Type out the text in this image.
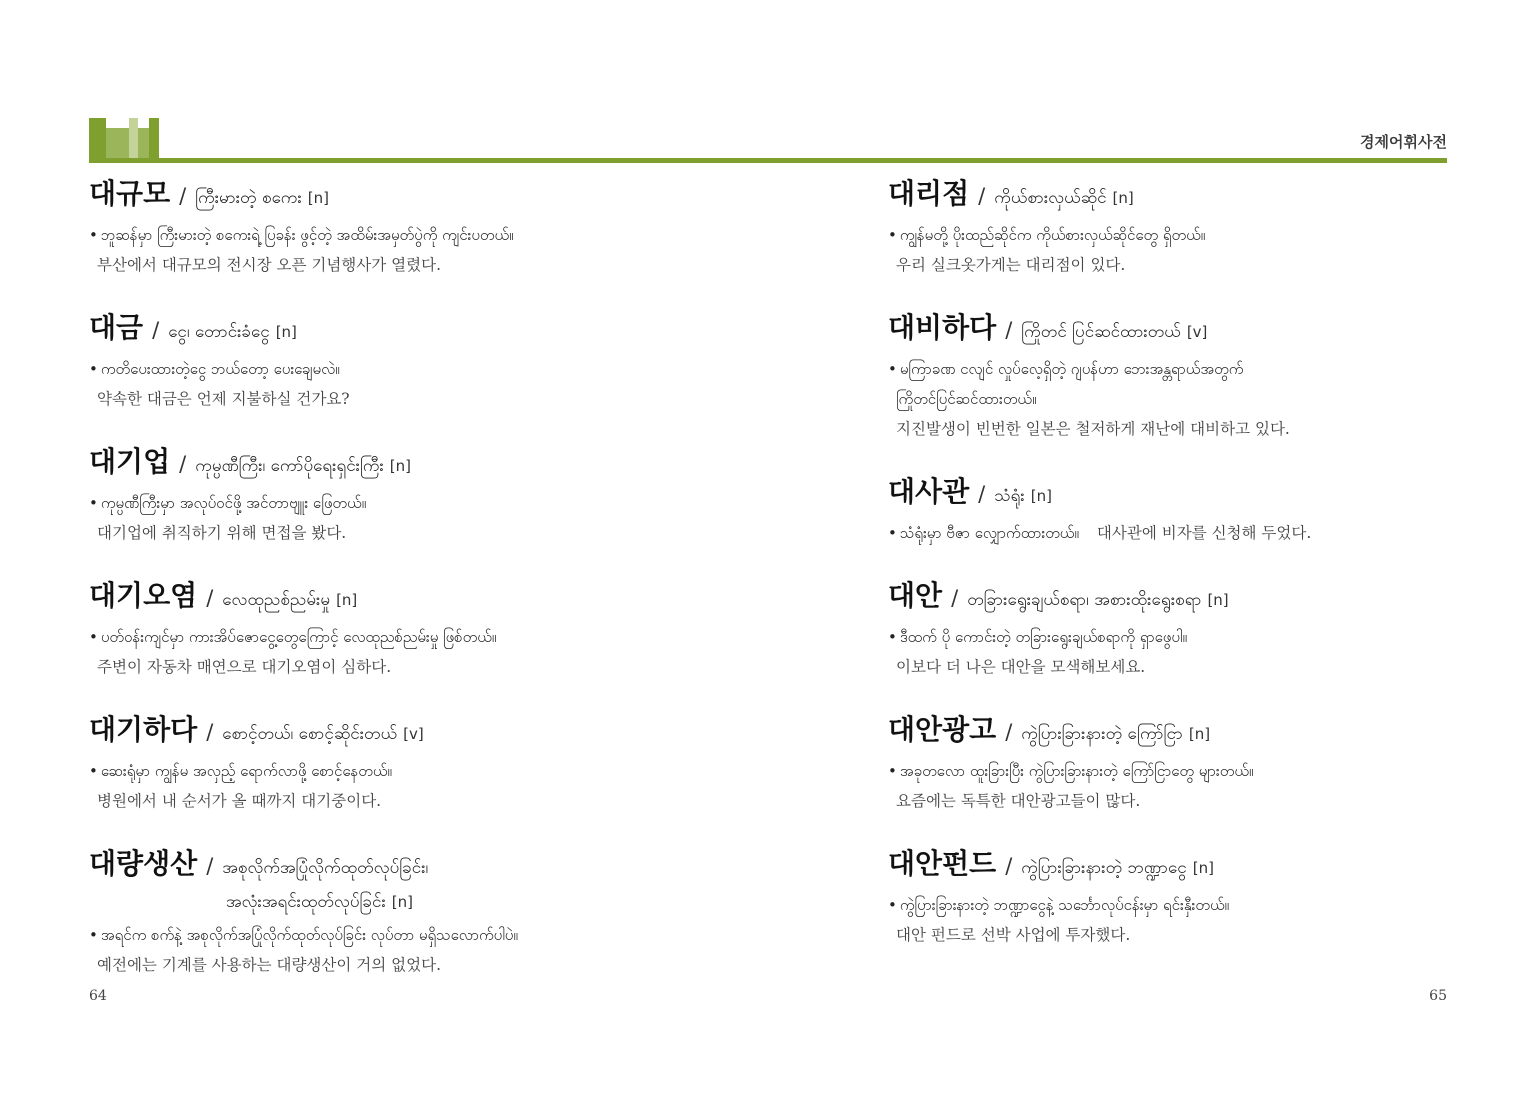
경제어휘사전
대규모 / ကြီးမားတဲ့ စကေး [n]
• ဘူဆန်မှာ ကြီးမားတဲ့ စကေးရဲ့ ပြခန်း ဖွင့်တဲ့ အထိမ်းအမှတ်ပွဲကို ကျင်းပတယ်။
부산에서 대규모의 전시장 오픈 기념행사가 열렸다.
대금 / ငွေ၊ တောင်းခံငွေ [n]
• ကတိပေးထားတဲ့ငွေ ဘယ်တော့ ပေးချေမလဲ။
약속한 대금은 언제 지불하실 건가요?
대기업 / ကုမ္ပဏီကြီး၊ ကော်ပိုရေးရှင်းကြီး [n]
• ကုမ္ပဏီကြီးမှာ အလုပ်ဝင်ဖို့ အင်တာဗျူး ဖြေတယ်။
대기업에 취직하기 위해 면접을 봤다.
대기오염 / လေထုညစ်ညမ်းမှု [n]
• ပတ်ဝန်းကျင်မှာ ကားအိပ်ဇောငွေ့တွေကြောင့် လေထုညစ်ညမ်းမှု ဖြစ်တယ်။
주변이 자동차 매연으로 대기오염이 심하다.
대기하다 / စောင့်တယ်၊ စောင့်ဆိုင်းတယ် [v]
• ဆေးရုံမှာ ကျွန်မ အလှည့် ရောက်လာဖို့ စောင့်နေတယ်။
병원에서 내 순서가 올 때까지 대기중이다.
대량생산 / အစုလိုက်အပြုံလိုက်ထုတ်လုပ်ခြင်း၊
အလုံးအရင်းထုတ်လုပ်ခြင်း [n]
• အရင်က စက်နဲ့ အစုလိုက်အပြုံလိုက်ထုတ်လုပ်ခြင်း လုပ်တာ မရှိသလောက်ပါပဲ။
예전에는 기계를 사용하는 대량생산이 거의 없었다.
대리점 / ကိုယ်စားလှယ်ဆိုင် [n]
• ကျွန်မတို့ ပိုးထည်ဆိုင်က ကိုယ်စားလှယ်ဆိုင်တွေ ရှိတယ်။
우리 실크옷가게는 대리점이 있다.
대비하다 / ကြိုတင် ပြင်ဆင်ထားတယ် [v]
• မကြာခဏ ငလျင် လှုပ်လေ့ရှိတဲ့ ဂျပန်ဟာ ဘေးအန္တရာယ်အတွက်
ကြိုတင်ပြင်ဆင်ထားတယ်။
지진발생이 빈번한 일본은 철저하게 재난에 대비하고 있다.
대사관 / သံရုံး [n]
• သံရုံးမှာ ဗီဇာ လျှောက်ထားတယ်။ 대사관에 비자를 신청해 두었다.
대안 / တခြားရွေးချယ်စရာ၊ အစားထိုးရွေးစရာ [n]
• ဒီထက် ပို ကောင်းတဲ့ တခြားရွေးချယ်စရာကို ရှာဖွေပါ။
이보다 더 나은 대안을 모색해보세요.
대안광고 / ကွဲပြားခြားနားတဲ့ ကြော်ငြာ [n]
• အခုတလော ထူးခြားပြီး ကွဲပြားခြားနားတဲ့ ကြော်ငြာတွေ များတယ်။
요즘에는 독특한 대안광고들이 많다.
대안펀드 / ကွဲပြားခြားနားတဲ့ ဘဏ္ဍာငွေ [n]
• ကွဲပြားခြားနားတဲ့ ဘဏ္ဍာငွေနဲ့ သင်္ဘောလုပ်ငန်းမှာ ရင်းနှီးတယ်။
대안 펀드로 선박 사업에 투자했다.
64	65
